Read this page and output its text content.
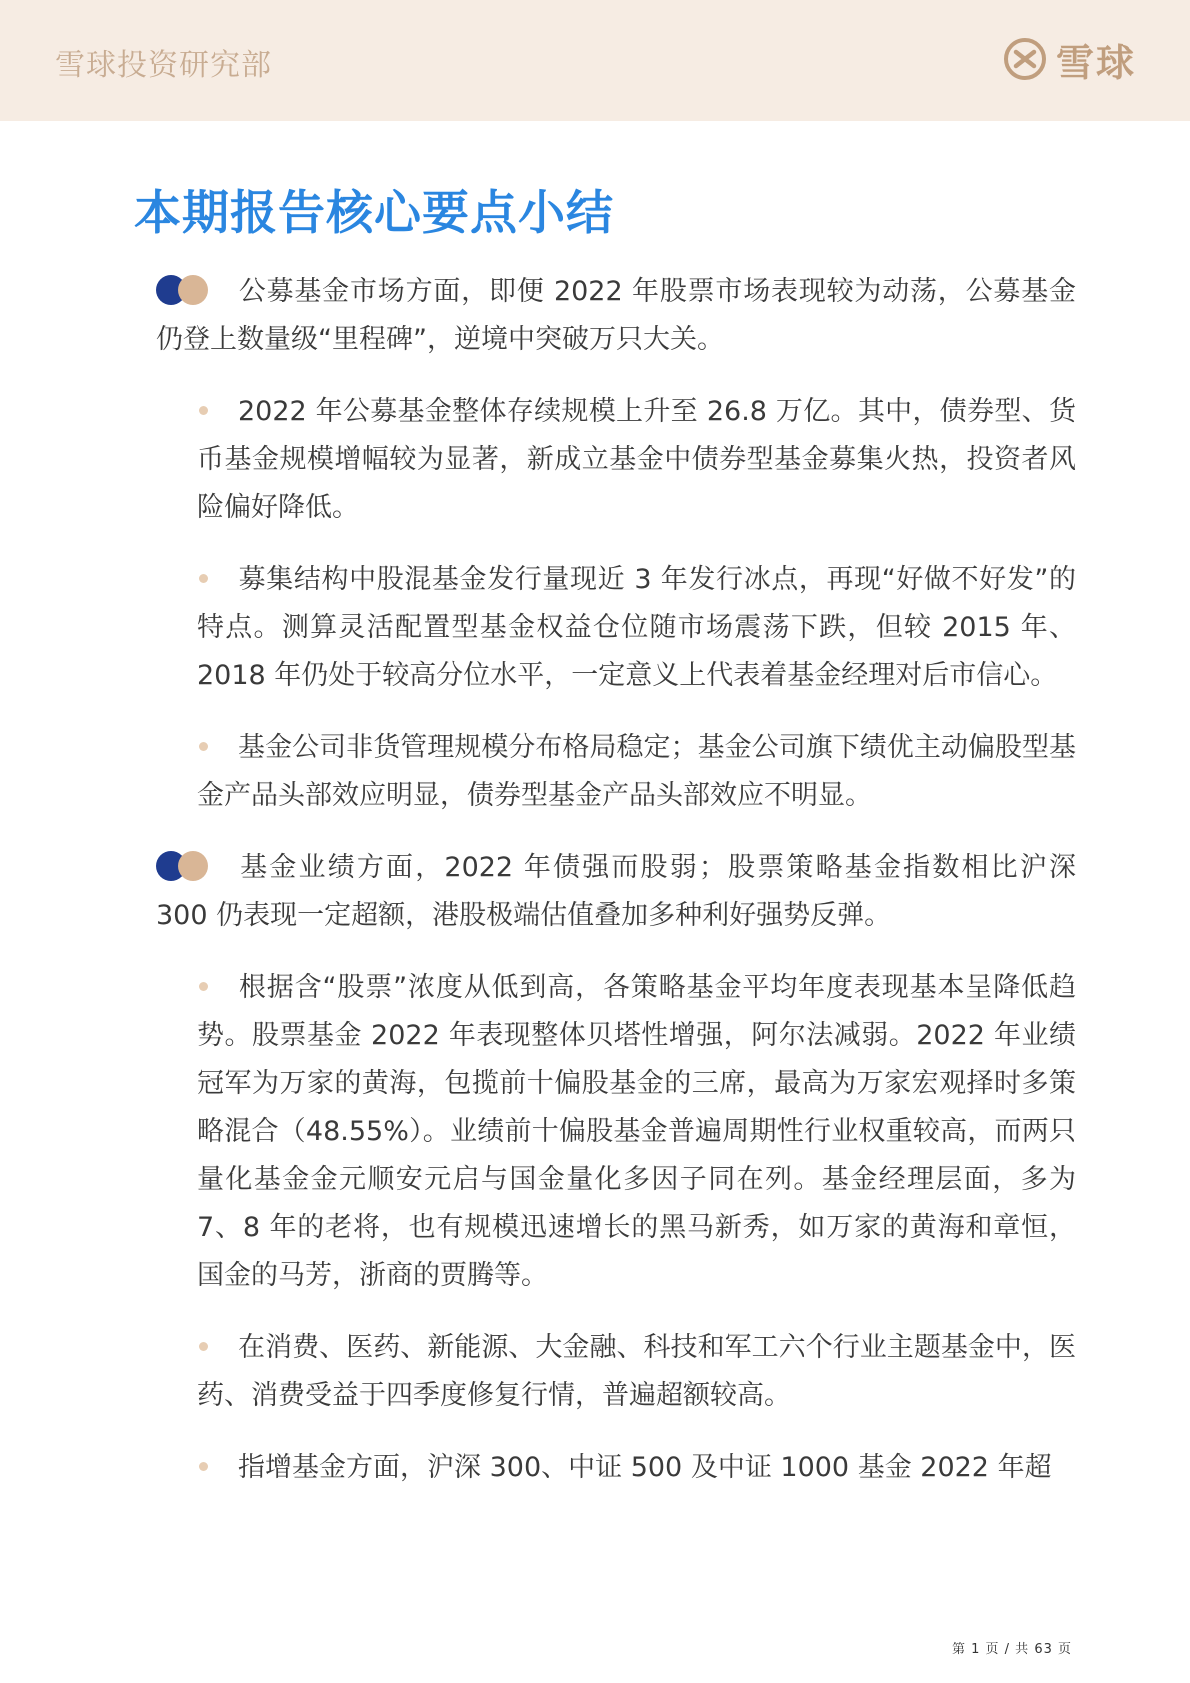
雪球投资研究部	雪球
本期报告核心要点小结

公募基金市场方面，即便 2022 年股票市场表现较为动荡，公募基金仍登上数量级“里程碑”，逆境中突破万只大关。

2022 年公募基金整体存续规模上升至 26.8 万亿。其中，债券型、货币基金规模增幅较为显著，新成立基金中债券型基金募集火热，投资者风险偏好降低。

募集结构中股混基金发行量现近 3 年发行冰点，再现“好做不好发”的特点。测算灵活配置型基金权益仓位随市场震荡下跌，但较 2015 年、2018 年仍处于较高分位水平，一定意义上代表着基金经理对后市信心。

基金公司非货管理规模分布格局稳定；基金公司旗下绩优主动偏股型基金产品头部效应明显，债券型基金产品头部效应不明显。

基金业绩方面，2022 年债强而股弱；股票策略基金指数相比沪深 300 仍表现一定超额，港股极端估值叠加多种利好强势反弹。

根据含“股票”浓度从低到高，各策略基金平均年度表现基本呈降低趋势。股票基金 2022 年表现整体贝塔性增强，阿尔法减弱。2022 年业绩冠军为万家的黄海，包揽前十偏股基金的三席，最高为万家宏观择时多策略混合（48.55%）。业绩前十偏股基金普遍周期性行业权重较高，而两只量化基金金元顺安元启与国金量化多因子同在列。基金经理层面，多为 7、8 年的老将，也有规模迅速增长的黑马新秀，如万家的黄海和章恒，国金的马芳，浙商的贾腾等。

在消费、医药、新能源、大金融、科技和军工六个行业主题基金中，医药、消费受益于四季度修复行情，普遍超额较高。

指增基金方面，沪深 300、中证 500 及中证 1000 基金 2022 年超

第 1 页 / 共 63 页
